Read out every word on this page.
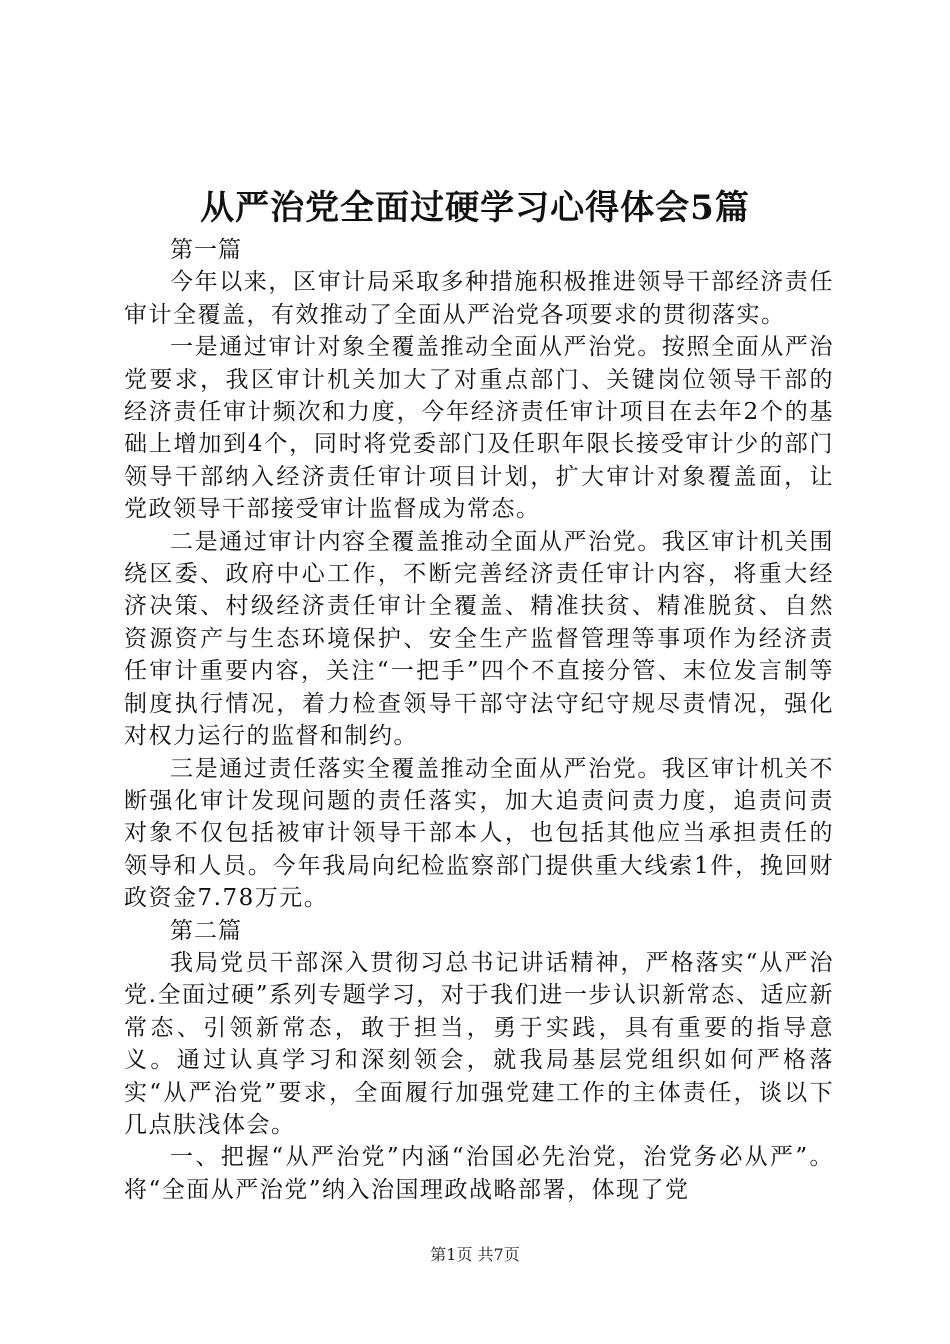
从严治党全面过硬学习心得体会5篇

第一篇

今年以来，区审计局采取多种措施积极推进领导干部经济责任审计全覆盖，有效推动了全面从严治党各项要求的贯彻落实。

一是通过审计对象全覆盖推动全面从严治党。按照全面从严治党要求，我区审计机关加大了对重点部门、关键岗位领导干部的经济责任审计频次和力度，今年经济责任审计项目在去年2个的基础上增加到4个，同时将党委部门及任职年限长接受审计少的部门领导干部纳入经济责任审计项目计划，扩大审计对象覆盖面，让党政领导干部接受审计监督成为常态。

二是通过审计内容全覆盖推动全面从严治党。我区审计机关围绕区委、政府中心工作，不断完善经济责任审计内容，将重大经济决策、村级经济责任审计全覆盖、精准扶贫、精准脱贫、自然资源资产与生态环境保护、安全生产监督管理等事项作为经济责任审计重要内容，关注“一把手”四个不直接分管、末位发言制等制度执行情况，着力检查领导干部守法守纪守规尽责情况，强化对权力运行的监督和制约。

三是通过责任落实全覆盖推动全面从严治党。我区审计机关不断强化审计发现问题的责任落实，加大追责问责力度，追责问责对象不仅包括被审计领导干部本人，也包括其他应当承担责任的领导和人员。今年我局向纪检监察部门提供重大线索1件，挽回财政资金7.78万元。

第二篇

我局党员干部深入贯彻习总书记讲话精神，严格落实“从严治党.全面过硬”系列专题学习，对于我们进一步认识新常态、适应新常态、引领新常态，敢于担当，勇于实践，具有重要的指导意义。通过认真学习和深刻领会，就我局基层党组织如何严格落实“从严治党”要求，全面履行加强党建工作的主体责任，谈以下几点肤浅体会。

一、把握“从严治党”内涵“治国必先治党，治党务必从严”。将“全面从严治党”纳入治国理政战略部署，体现了党

第1页 共7页
